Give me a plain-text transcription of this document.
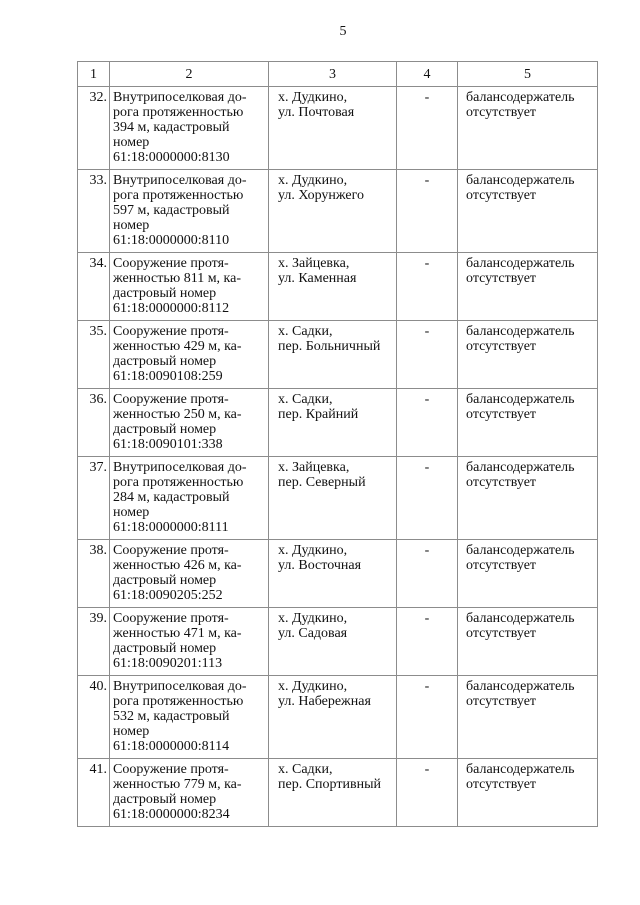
5
1	2	3	4	5
32.	Внутрипоселковая до-
рога протяженностью
394 м, кадастровый
номер
61:18:0000000:8130	х. Дудкино,
ул. Почтовая	-	балансодержатель
отсутствует

33.	Внутрипоселковая до-
рога протяженностью
597 м, кадастровый
номер
61:18:0000000:8110	х. Дудкино,
ул. Хорунжего	-	балансодержатель
отсутствует

34.	Сооружение протя-
женностью 811 м, ка-
дастровый номер
61:18:0000000:8112	х. Зайцевка,
ул. Каменная	-	балансодержатель
отсутствует

35.	Сооружение протя-
женностью 429 м, ка-
дастровый номер
61:18:0090108:259	х. Садки,
пер. Больничный	-	балансодержатель
отсутствует

36.	Сооружение протя-
женностью 250 м, ка-
дастровый номер
61:18:0090101:338	х. Садки,
пер. Крайний	-	балансодержатель
отсутствует

37.	Внутрипоселковая до-
рога протяженностью
284 м, кадастровый
номер
61:18:0000000:8111	х. Зайцевка,
пер. Северный	-	балансодержатель
отсутствует

38.	Сооружение протя-
женностью 426 м, ка-
дастровый номер
61:18:0090205:252	х. Дудкино,
ул. Восточная	-	балансодержатель
отсутствует

39.	Сооружение протя-
женностью 471 м, ка-
дастровый номер
61:18:0090201:113	х. Дудкино,
ул. Садовая	-	балансодержатель
отсутствует

40.	Внутрипоселковая до-
рога протяженностью
532 м, кадастровый
номер
61:18:0000000:8114	х. Дудкино,
ул. Набережная	-	балансодержатель
отсутствует

41.	Сооружение протя-
женностью 779 м, ка-
дастровый номер
61:18:0000000:8234	х. Садки,
пер. Спортивный	-	балансодержатель
отсутствует
